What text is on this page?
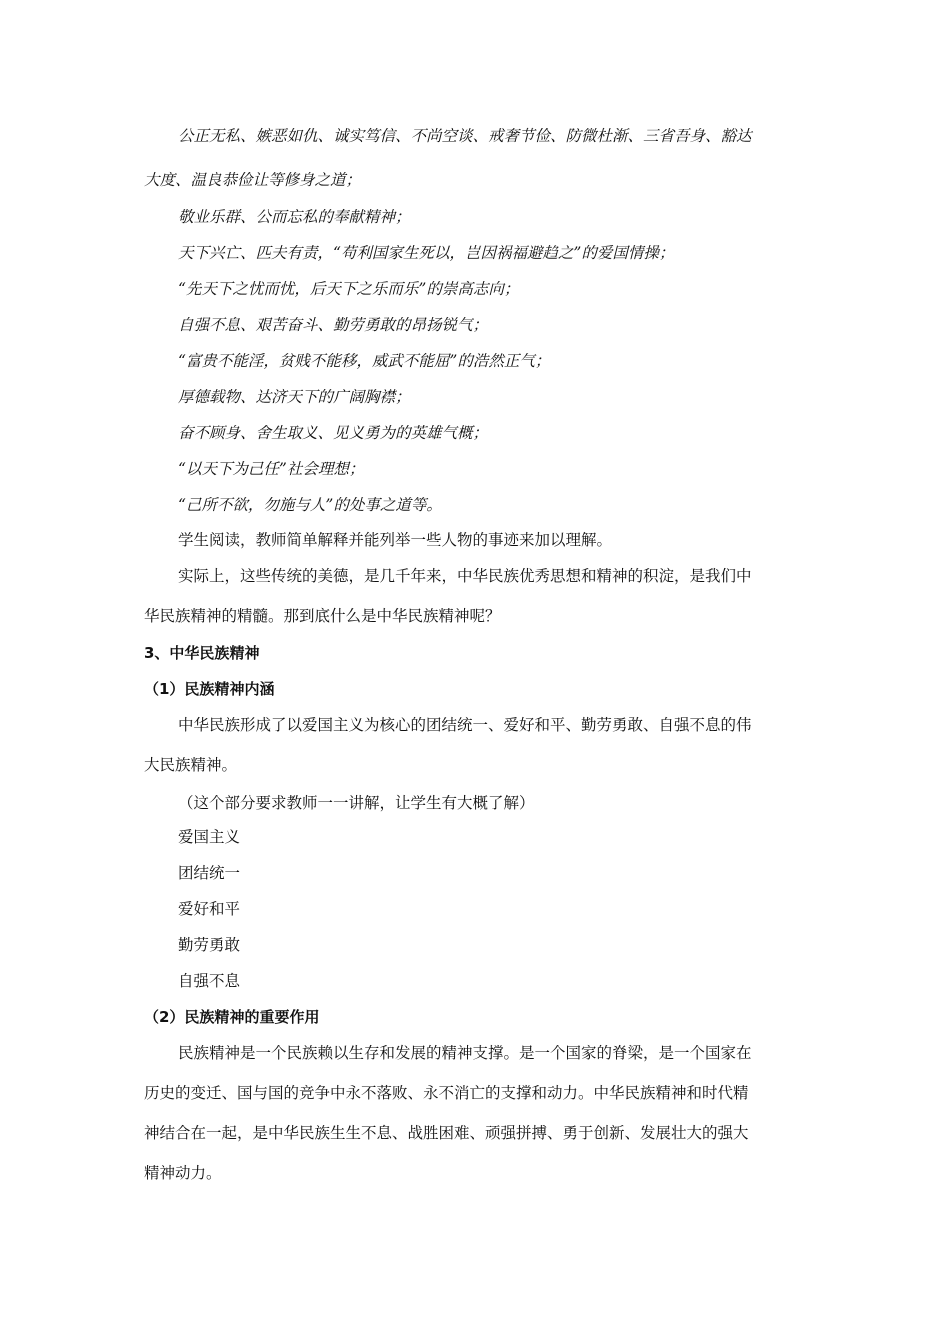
公正无私、嫉恶如仇、诚实笃信、不尚空谈、戒奢节俭、防微杜渐、三省吾身、豁达
大度、温良恭俭让等修身之道；
敬业乐群、公而忘私的奉献精神；
天下兴亡、匹夫有责，“苟利国家生死以，岂因祸福避趋之”的爱国情操；
“先天下之忧而忧，后天下之乐而乐”的崇高志向；
自强不息、艰苦奋斗、勤劳勇敢的昂扬锐气；
“富贵不能淫，贫贱不能移，威武不能屈”的浩然正气；
厚德载物、达济天下的广阔胸襟；
奋不顾身、舍生取义、见义勇为的英雄气概；
“以天下为己任”社会理想；
“己所不欲，勿施与人”的处事之道等。
学生阅读，教师简单解释并能列举一些人物的事迹来加以理解。
实际上，这些传统的美德，是几千年来，中华民族优秀思想和精神的积淀，是我们中
华民族精神的精髓。那到底什么是中华民族精神呢？
3、中华民族精神
（1）民族精神内涵
中华民族形成了以爱国主义为核心的团结统一、爱好和平、勤劳勇敢、自强不息的伟
大民族精神。
（这个部分要求教师一一讲解，让学生有大概了解）
爱国主义
团结统一
爱好和平
勤劳勇敢
自强不息
（2）民族精神的重要作用
民族精神是一个民族赖以生存和发展的精神支撑。是一个国家的脊梁，是一个国家在
历史的变迁、国与国的竞争中永不落败、永不消亡的支撑和动力。中华民族精神和时代精
神结合在一起，是中华民族生生不息、战胜困难、顽强拼搏、勇于创新、发展壮大的强大
精神动力。
